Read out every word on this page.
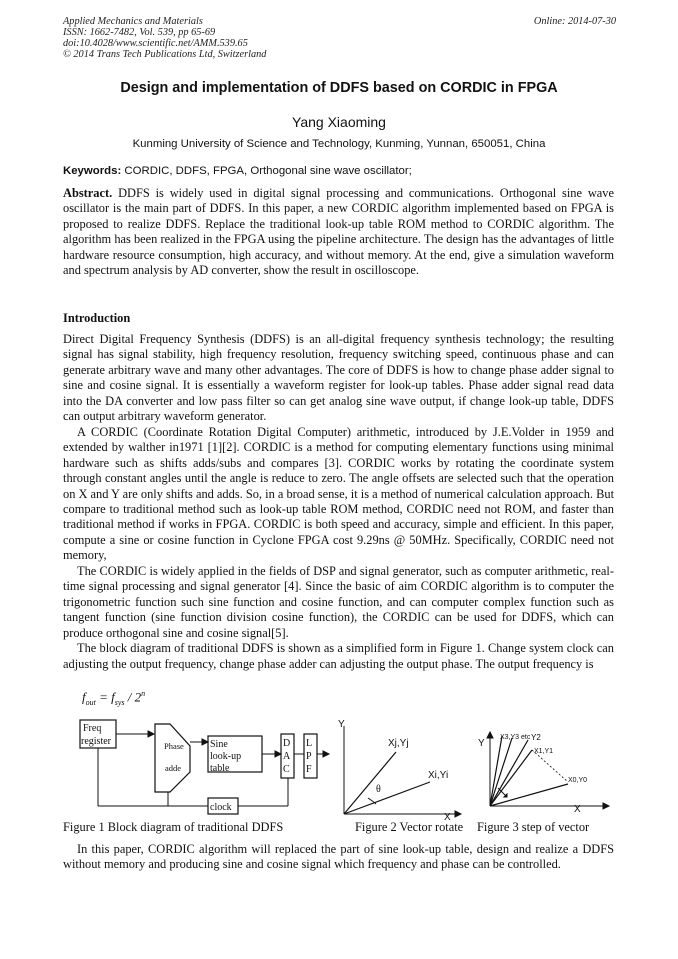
Applied Mechanics and Materials
ISSN: 1662-7482, Vol. 539, pp 65-69
doi:10.4028/www.scientific.net/AMM.539.65
© 2014 Trans Tech Publications Ltd, Switzerland
Online: 2014-07-30
Design and implementation of DDFS based on CORDIC in FPGA
Yang Xiaoming
Kunming University of Science and Technology, Kunming, Yunnan, 650051, China
Keywords: CORDIC, DDFS, FPGA, Orthogonal sine wave oscillator;
Abstract. DDFS is widely used in digital signal processing and communications. Orthogonal sine wave oscillator is the main part of DDFS. In this paper, a new CORDIC algorithm implemented based on FPGA is proposed to realize DDFS. Replace the traditional look-up table ROM method to CORDIC algorithm. The algorithm has been realized in the FPGA using the pipeline architecture. The design has the advantages of little hardware resource consumption, high accuracy, and without memory. At the end, give a simulation waveform and spectrum analysis by AD converter, show the result in oscilloscope.
Introduction

Direct Digital Frequency Synthesis (DDFS) is an all-digital frequency synthesis technology; the resulting signal has signal stability, high frequency resolution, frequency switching speed, continuous phase and can generate arbitrary wave and many other advantages. The core of DDFS is how to change phase adder signal to sine and cosine signal. It is essentially a waveform register for look-up tables. Phase adder signal read data into the DA converter and low pass filter so can get analog sine wave output, if change look-up table, DDFS can output arbitrary waveform generator.

A CORDIC (Coordinate Rotation Digital Computer) arithmetic, introduced by J.E.Volder in 1959 and extended by walther in1971 [1][2]. CORDIC is a method for computing elementary functions using minimal hardware such as shifts adds/subs and compares [3]. CORDIC works by rotating the coordinate system through constant angles until the angle is reduce to zero. The angle offsets are selected such that the operation on X and Y are only shifts and adds. So, in a broad sense, it is a method of numerical calculation approach. But compare to traditional method such as look-up table ROM method, CORDIC need not ROM, and faster than traditional method if works in FPGA. CORDIC is both speed and accuracy, simple and efficient. In this paper, compute a sine or cosine function in Cyclone FPGA cost 9.29ns @ 50MHz. Specifically, CORDIC need not memory,

The CORDIC is widely applied in the fields of DSP and signal generator, such as computer arithmetic, real-time signal processing and signal generator [4]. Since the basic of aim CORDIC algorithm is to computer the trigonometric function such sine function and cosine function, and can computer complex function such as tangent function (sine function division cosine function), the CORDIC can be used for DDFS, which can produce orthogonal sine and cosine signal[5].

The block diagram of traditional DDFS is shown as a simplified form in Figure 1. Change system clock can adjusting the output frequency, change phase adder can adjusting the output phase. The output frequency is

$f_{out} = f_{sys} / 2^n$
Freq
register	Phase
adde
Sine
look-up
table
D
A
C
L
P
F
clock
Y
X
Xj,Yj
Xi,Yi
θ
Y
X
X3,Y3 etc Y2
X1,Y1
X0,Y0
Figure 1 Block diagram of traditional DDFS	Figure 2 Vector rotate Figure 3 step of vector

In this paper, CORDIC algorithm will replaced the part of sine look-up table, design and realize a DDFS without memory and producing sine and cosine signal which frequency and phase can be controlled.
